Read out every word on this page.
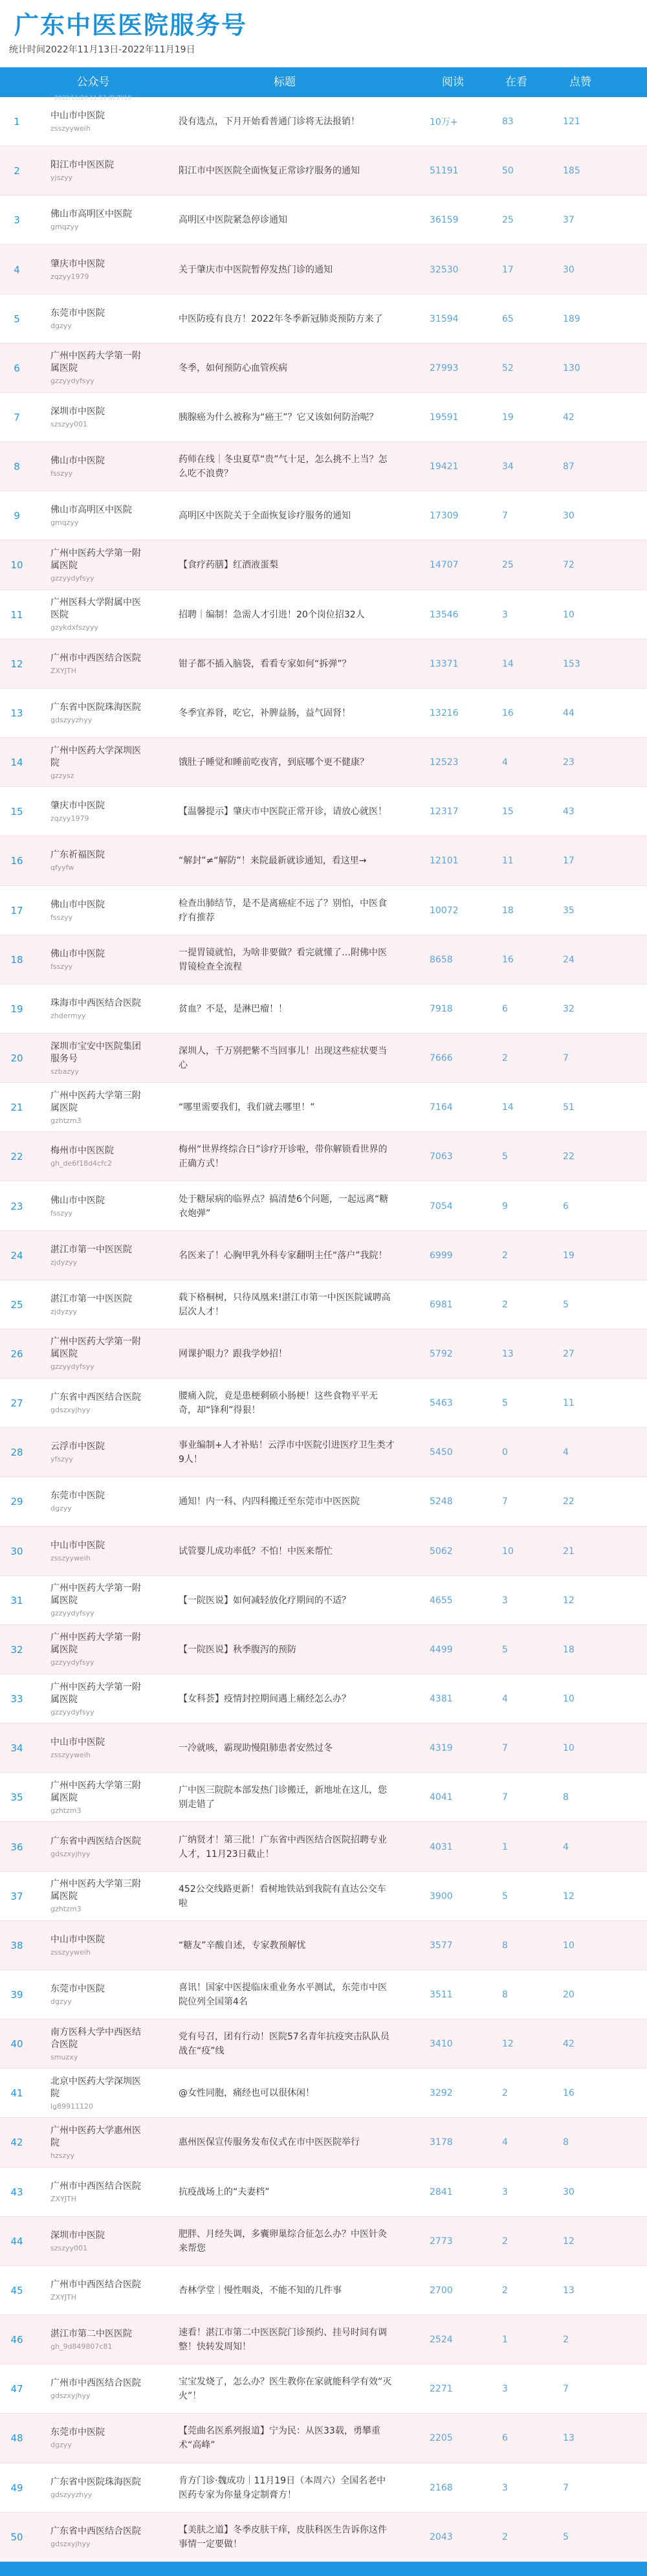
广东中医医院服务号
统计时间2022年11月13日-2022年11月19日
公众号	标题	阅读	在看	点赞
1	中山市中医院
zsszyyweih
没有选点，下月开始看普通门诊将无法报销！	10万+	83	121
2022/11/20 11:53 ID:ZY18
2	阳江市中医医院
yjszyy
阳江市中医医院全面恢复正常诊疗服务的通知	51191	50	185
3	佛山市高明区中医院
gmqzyy
高明区中医院紧急停诊通知	36159	25	37
4	肇庆市中医院
zqzyy1979
关于肇庆市中医院暂停发热门诊的通知	32530	17	30
5	东莞市中医院
dgzyy
中医防疫有良方！2022年冬季新冠肺炎预防方来了	31594	65	189
6
广州中医药大学第一附属医院
gzzyydyfsyy
冬季，如何预防心血管疾病	27993	52	130
7	深圳市中医院
szszyy001
胰腺癌为什么被称为“癌王”？它又该如何防治呢？	19591	19	42
8	佛山市中医院
fsszyy
药师在线｜冬虫夏草“贵”气十足，怎么挑不上当？怎么吃不浪费？
19421	34	87
9	佛山市高明区中医院
gmqzyy
高明区中医院关于全面恢复诊疗服务的通知	17309	7	30
10
广州中医药大学第一附属医院
gzzyydyfsyy
【食疗药膳】红酒液蛋梨	14707	25	72
11
广州医科大学附属中医医院
gzykdxfszyyy
招聘｜编制！急需人才引进！20个岗位招32人	13546	3	10
12	广州市中西医结合医院
ZXYJTH
钳子都不插入脑袋，看看专家如何“拆弹”？	13371	14	153
13	广东省中医院珠海医院
gdszyyzhyy
冬季宜养肾，吃它，补脾益肠，益气固肾！	13216	16	44
14
广州中医药大学深圳医院
gzzysz
饿肚子睡觉和睡前吃夜宵，到底哪个更不健康？	12523	4	23
15	肇庆市中医院
zqzyy1979
【温馨提示】肇庆市中医院正常开诊，请放心就医！	12317	15	43
16	广东祈福医院
qfyyfw
“解封”≠“解防”！来院最新就诊通知，看这里→	12101	11	17
17	佛山市中医院
fsszyy
检查出肺结节，是不是离癌症不远了？别怕，中医食疗有推荐
10072	18	35
18	佛山市中医院
fsszyy
一提胃镜就怕，为啥非要做？看完就懂了…附佛中医胃镜检查全流程
8658	16	24
19	珠海市中西医结合医院
zhdermyy
贫血？不是，是淋巴瘤！！	7918	6	32
20
深圳市宝安中医院集团服务号
szbazyy
深圳人，千万别把紫不当回事儿！出现这些症状要当心
7666	2	7
21
广州中医药大学第三附属医院
gzhtzm3
“哪里需要我们，我们就去哪里！”	7164	14	51
22	梅州市中医医院
gh_de6f18d4cfc2
梅州“世界终综合日”诊疗开诊啦，带你解锁看世界的正确方式！
7063	5	22
23	佛山市中医院
fsszyy
处于糖尿病的临界点？搞清楚6个问题，一起远离“糖衣炮弹”
7054	9	6
24	湛江市第一中医医院
zjdyzyy
名医来了！心胸甲乳外科专家翻明主任“落户”我院！	6999	2	19
25	湛江市第一中医医院
zjdyzyy
载下格桐树，只待凤凰来!湛江市第一中医医院诚聘高层次人才！
6981	2	5
26
广州中医药大学第一附属医院
gzzyydyfsyy
网课护眼力？跟我学妙招！	5792	13	27
27	广东省中西医结合医院
gdszxyjhyy
腰痛入院，竟是患梗剩硕小肠梗！这些食物平平无奇，却“锋利”得狠！
5463	5	11
28	云浮市中医院
yfszyy
事业编制+人才补贴！云浮市中医院引进医疗卫生类才9人！
5450	0	4
29	东莞市中医院
dgzyy
通知！内一科、内四科搬迁至东莞市中医医院	5248	7	22
30	中山市中医院
zsszyyweih
试管婴儿成功率低？不怕！中医来帮忙	5062	10	21
31
广州中医药大学第一附属医院
gzzyydyfsyy
【一院医说】如何减轻放化疗期间的不适？	4655	3	12
32
广州中医药大学第一附属医院
gzzyydyfsyy
【一院医说】秋季腹泻的预防	4499	5	18
33
广州中医药大学第一附属医院
gzzyydyfsyy
【女科荟】疫情封控期间遇上痛经怎么办？	4381	4	10
34	中山市中医院
zsszyyweih
一冷就咳，霸现助慢阻肺患者安然过冬	4319	7	10
35
广州中医药大学第三附属医院
gzhtzm3
广中医三院院本部发热门诊搬迁，新地址在这儿，您别走错了
4041	7	8
36	广东省中西医结合医院
gdszxyjhyy
广纳贤才！第三批！广东省中西医结合医院招聘专业人才，11月23日截止！
4031	1	4
37
广州中医药大学第三附属医院
gzhtzm3
452公交线路更新！看树地铁站到我院有直达公交车啦
3900	5	12
38	中山市中医院
zsszyyweih
“糖友”辛酸自述，专家教预解忧	3577	8	10
39	东莞市中医院
dgzyy
喜讯！国家中医提临床重业务水平测试，东莞市中医院位列全国第4名
3511	8	20
40
南方医科大学中西医结合医院
smuzxy
党有号召，团有行动！医院57名青年抗疫突击队队员战在“疫”线
3410	12	42
41
北京中医药大学深圳医院
lg89911120
@女性同胞，痛经也可以很休闲！	3292	2	16
42
广州中医药大学惠州医院
hzszyy
惠州医保宣传服务发布仪式在市中医医院举行	3178	4	8
43	广州市中西医结合医院
ZXYJTH
抗疫战场上的“夫妻档”	2841	3	30
44	深圳市中医院
szszyy001
肥胖、月经失调，多囊卵巢综合征怎么办？中医针灸来帮您
2773	2	12
45	广州市中西医结合医院
ZXYJTH
杏林学堂｜慢性咽炎，不能不知的几件事	2700	2	13
46	湛江市第二中医医院
gh_9d849807c81
速看！湛江市第二中医医院门诊预约、挂号时间有调整！快转发周知！
2524	1	2
47	广州市中西医结合医院
gdszxyjhyy
宝宝发烧了，怎么办？医生教你在家就能科学有效“灭火”！
2271	3	7
48	东莞市中医院
dgzyy
【莞曲名医系列报道】宁为民：从医33载，勇攀重术“高峰”
2205	6	13
49	广东省中医院珠海医院
gdszyyzhyy
肯方门诊·魏成功｜11月19日（本周六）全国名老中医药专家为你量身定制膏方！
2168	3	7
50	广东省中西医结合医院
gdszxyjhyy
【美肤之道】冬季皮肤干痒，皮肤科医生告诉你这件事情一定要做！
2043	2	5
